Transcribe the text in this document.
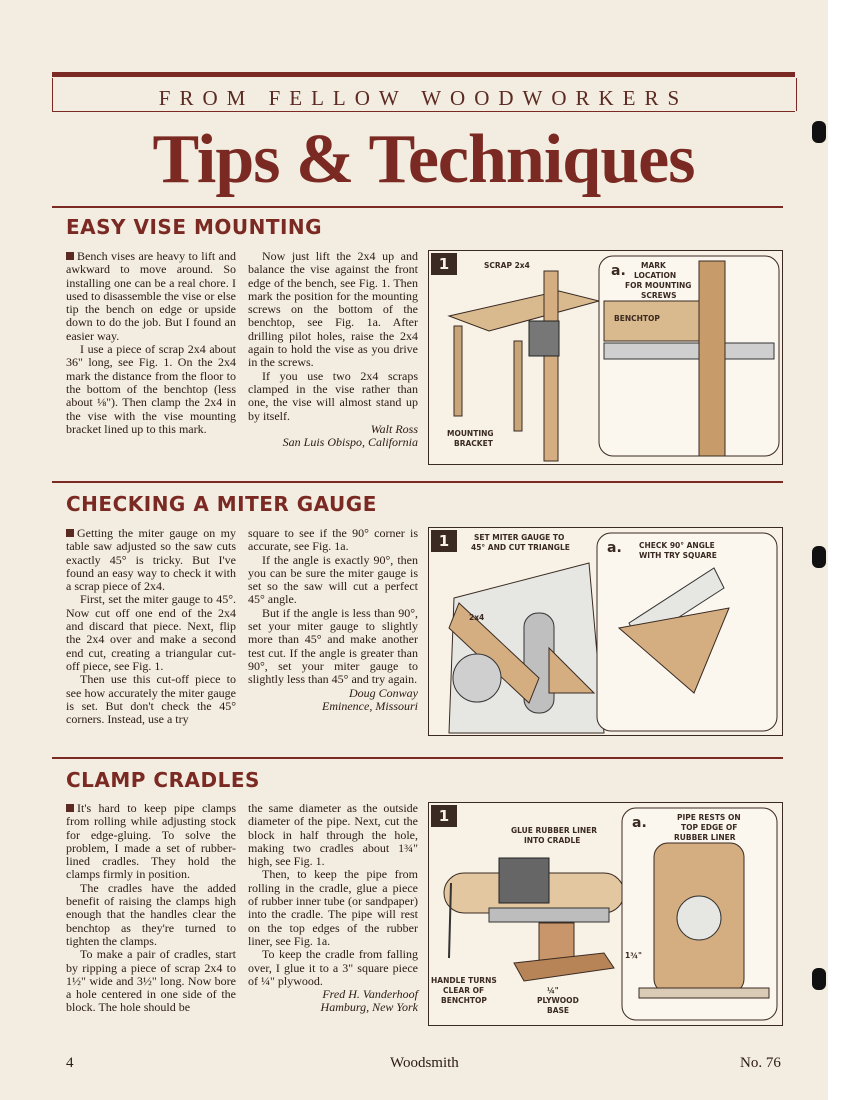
FROM FELLOW WOODWORKERS
Tips & Techniques
EASY VISE MOUNTING

Bench vises are heavy to lift and awkward to move around. So installing one can be a real chore. I used to disassemble the vise or else tip the bench on edge or upside down to do the job. But I found an easier way.

I use a piece of scrap 2x4 about 36" long, see Fig. 1. On the 2x4 mark the distance from the floor to the bottom of the benchtop (less about ⅛"). Then clamp the 2x4 in the vise with the vise mounting bracket lined up to this mark.

Now just lift the 2x4 up and balance the vise against the front edge of the bench, see Fig. 1. Then mark the position for the mounting screws on the bottom of the benchtop, see Fig. 1a. After drilling pilot holes, raise the 2x4 again to hold the vise as you drive in the screws.

If you use two 2x4 scraps clamped in the vise rather than one, the vise will almost stand up by itself.

Walt Ross

San Luis Obispo, California

1	SCRAP 2x4	a. MARK
LOCATION
FOR MOUNTING
SCREWS
BENCHTOP
MOUNTING
BRACKET
CHECKING A MITER GAUGE

Getting the miter gauge on my table saw adjusted so the saw cuts exactly 45° is tricky. But I've found an easy way to check it with a scrap piece of 2x4.

First, set the miter gauge to 45°. Now cut off one end of the 2x4 and discard that piece. Next, flip the 2x4 over and make a second end cut, creating a triangular cut-off piece, see Fig. 1.

Then use this cut-off piece to see how accurately the miter gauge is set. But don't check the 45° corners. Instead, use a try

square to see if the 90° corner is accurate, see Fig. 1a.

If the angle is exactly 90°, then you can be sure the miter gauge is set so the saw will cut a perfect 45° angle.

But if the angle is less than 90°, set your miter gauge to slightly more than 45° and make another test cut. If the angle is greater than 90°, set your miter gauge to slightly less than 45° and try again.

Doug Conway

Eminence, Missouri

1	SET MITER GAUGE TO
45° AND CUT TRIANGLE	a. CHECK 90° ANGLE
WITH TRY SQUARE
2x4
CLAMP CRADLES

It's hard to keep pipe clamps from rolling while adjusting stock for edge-gluing. To solve the problem, I made a set of rubber-lined cradles. They hold the clamps firmly in position.

The cradles have the added benefit of raising the clamps high enough that the handles clear the benchtop as they're turned to tighten the clamps.

To make a pair of cradles, start by ripping a piece of scrap 2x4 to 1½" wide and 3½" long. Now bore a hole centered in one side of the block. The hole should be

the same diameter as the outside diameter of the pipe. Next, cut the block in half through the hole, making two cradles about 1¾" high, see Fig. 1.

Then, to keep the pipe from rolling in the cradle, glue a piece of rubber inner tube (or sandpaper) into the cradle. The pipe will rest on the top edges of the rubber liner, see Fig. 1a.

To keep the cradle from falling over, I glue it to a 3" square piece of ¼" plywood.

Fred H. Vanderhoof

Hamburg, New York

1
GLUE RUBBER LINER
INTO CRADLE
a.	PIPE RESTS ON
TOP EDGE OF
RUBBER LINER
HANDLE TURNS
CLEAR OF
BENCHTOP
¼"
PLYWOOD
BASE
1¾"
4	Woodsmith	No. 76
